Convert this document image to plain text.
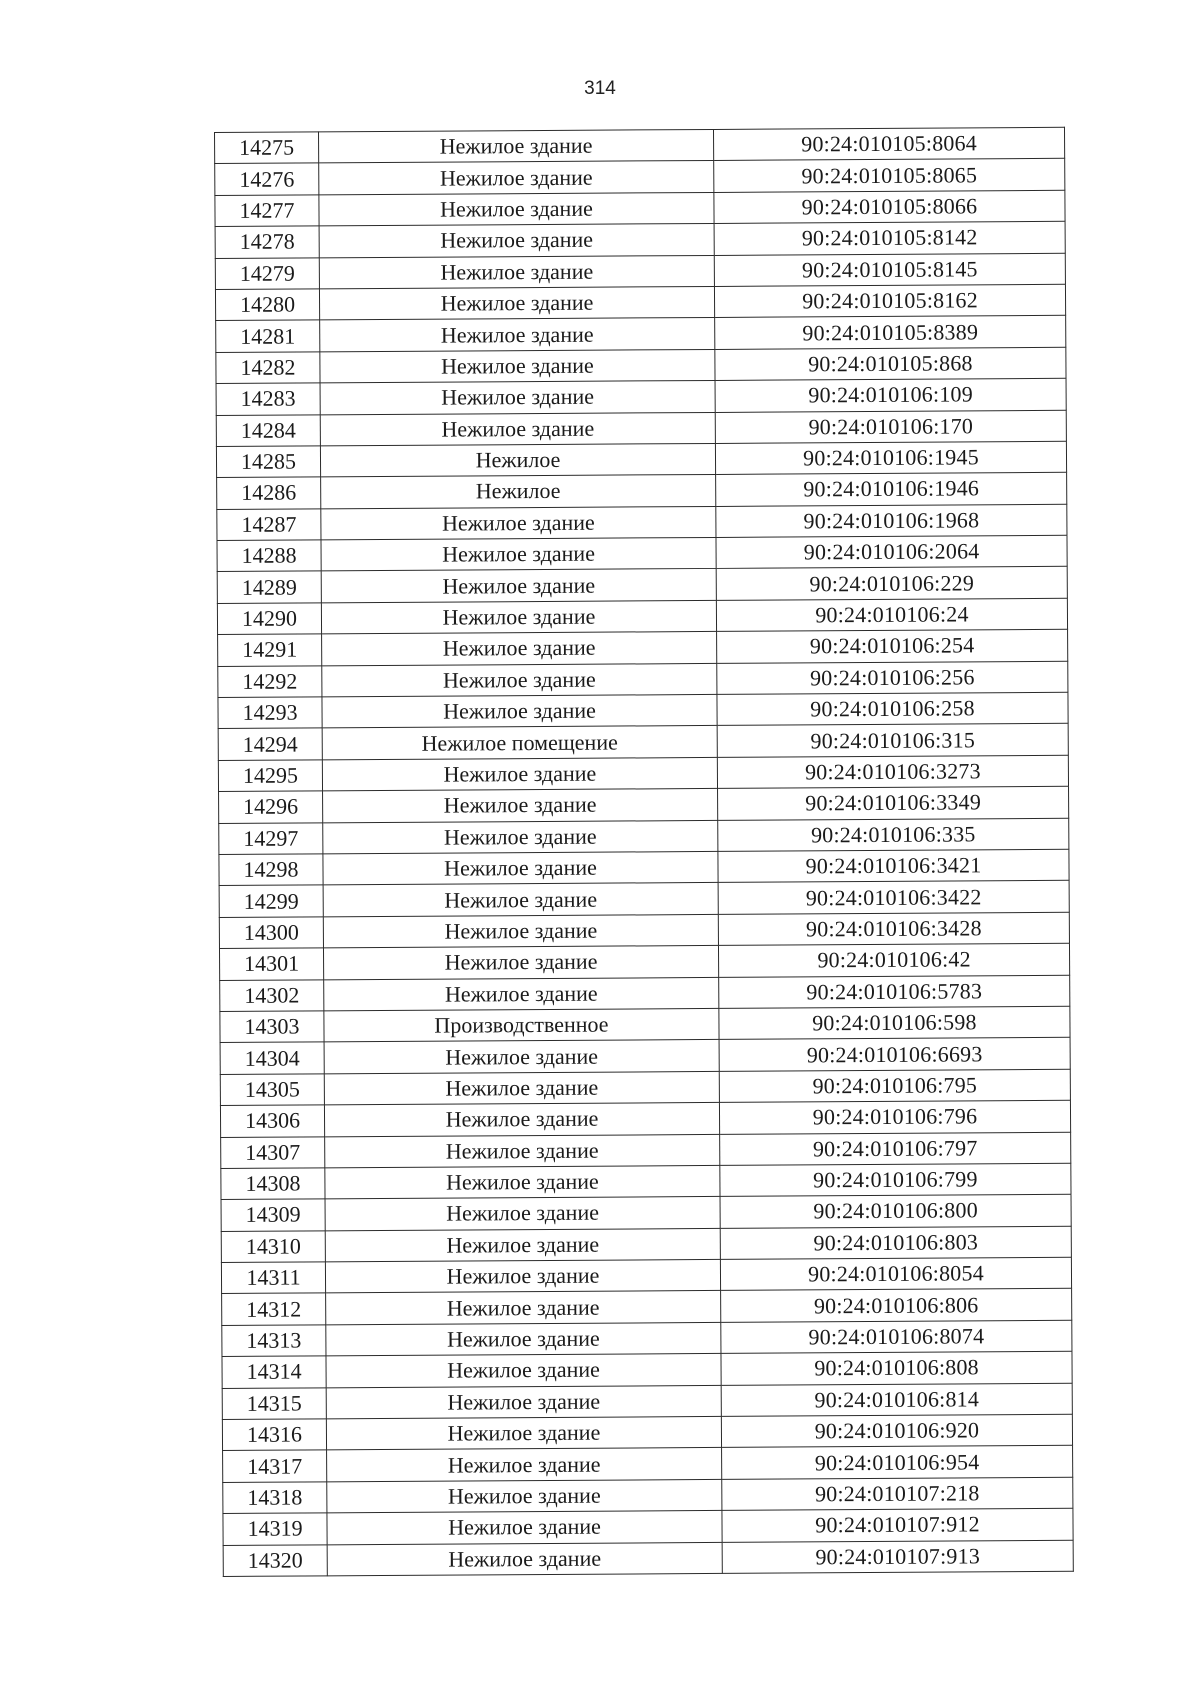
314
14275	Нежилое здание	90:24:010105:8064
14276	Нежилое здание	90:24:010105:8065
14277	Нежилое здание	90:24:010105:8066
14278	Нежилое здание	90:24:010105:8142
14279	Нежилое здание	90:24:010105:8145
14280	Нежилое здание	90:24:010105:8162
14281	Нежилое здание	90:24:010105:8389
14282	Нежилое здание	90:24:010105:868
14283	Нежилое здание	90:24:010106:109
14284	Нежилое здание	90:24:010106:170
14285	Нежилое	90:24:010106:1945
14286	Нежилое	90:24:010106:1946
14287	Нежилое здание	90:24:010106:1968
14288	Нежилое здание	90:24:010106:2064
14289	Нежилое здание	90:24:010106:229
14290	Нежилое здание	90:24:010106:24
14291	Нежилое здание	90:24:010106:254
14292	Нежилое здание	90:24:010106:256
14293	Нежилое здание	90:24:010106:258
14294	Нежилое помещение	90:24:010106:315
14295	Нежилое здание	90:24:010106:3273
14296	Нежилое здание	90:24:010106:3349
14297	Нежилое здание	90:24:010106:335
14298	Нежилое здание	90:24:010106:3421
14299	Нежилое здание	90:24:010106:3422
14300	Нежилое здание	90:24:010106:3428
14301	Нежилое здание	90:24:010106:42
14302	Нежилое здание	90:24:010106:5783
14303	Производственное	90:24:010106:598
14304	Нежилое здание	90:24:010106:6693
14305	Нежилое здание	90:24:010106:795
14306	Нежилое здание	90:24:010106:796
14307	Нежилое здание	90:24:010106:797
14308	Нежилое здание	90:24:010106:799
14309	Нежилое здание	90:24:010106:800
14310	Нежилое здание	90:24:010106:803
14311	Нежилое здание	90:24:010106:8054
14312	Нежилое здание	90:24:010106:806
14313	Нежилое здание	90:24:010106:8074
14314	Нежилое здание	90:24:010106:808
14315	Нежилое здание	90:24:010106:814
14316	Нежилое здание	90:24:010106:920
14317	Нежилое здание	90:24:010106:954
14318	Нежилое здание	90:24:010107:218
14319	Нежилое здание	90:24:010107:912
14320	Нежилое здание	90:24:010107:913
